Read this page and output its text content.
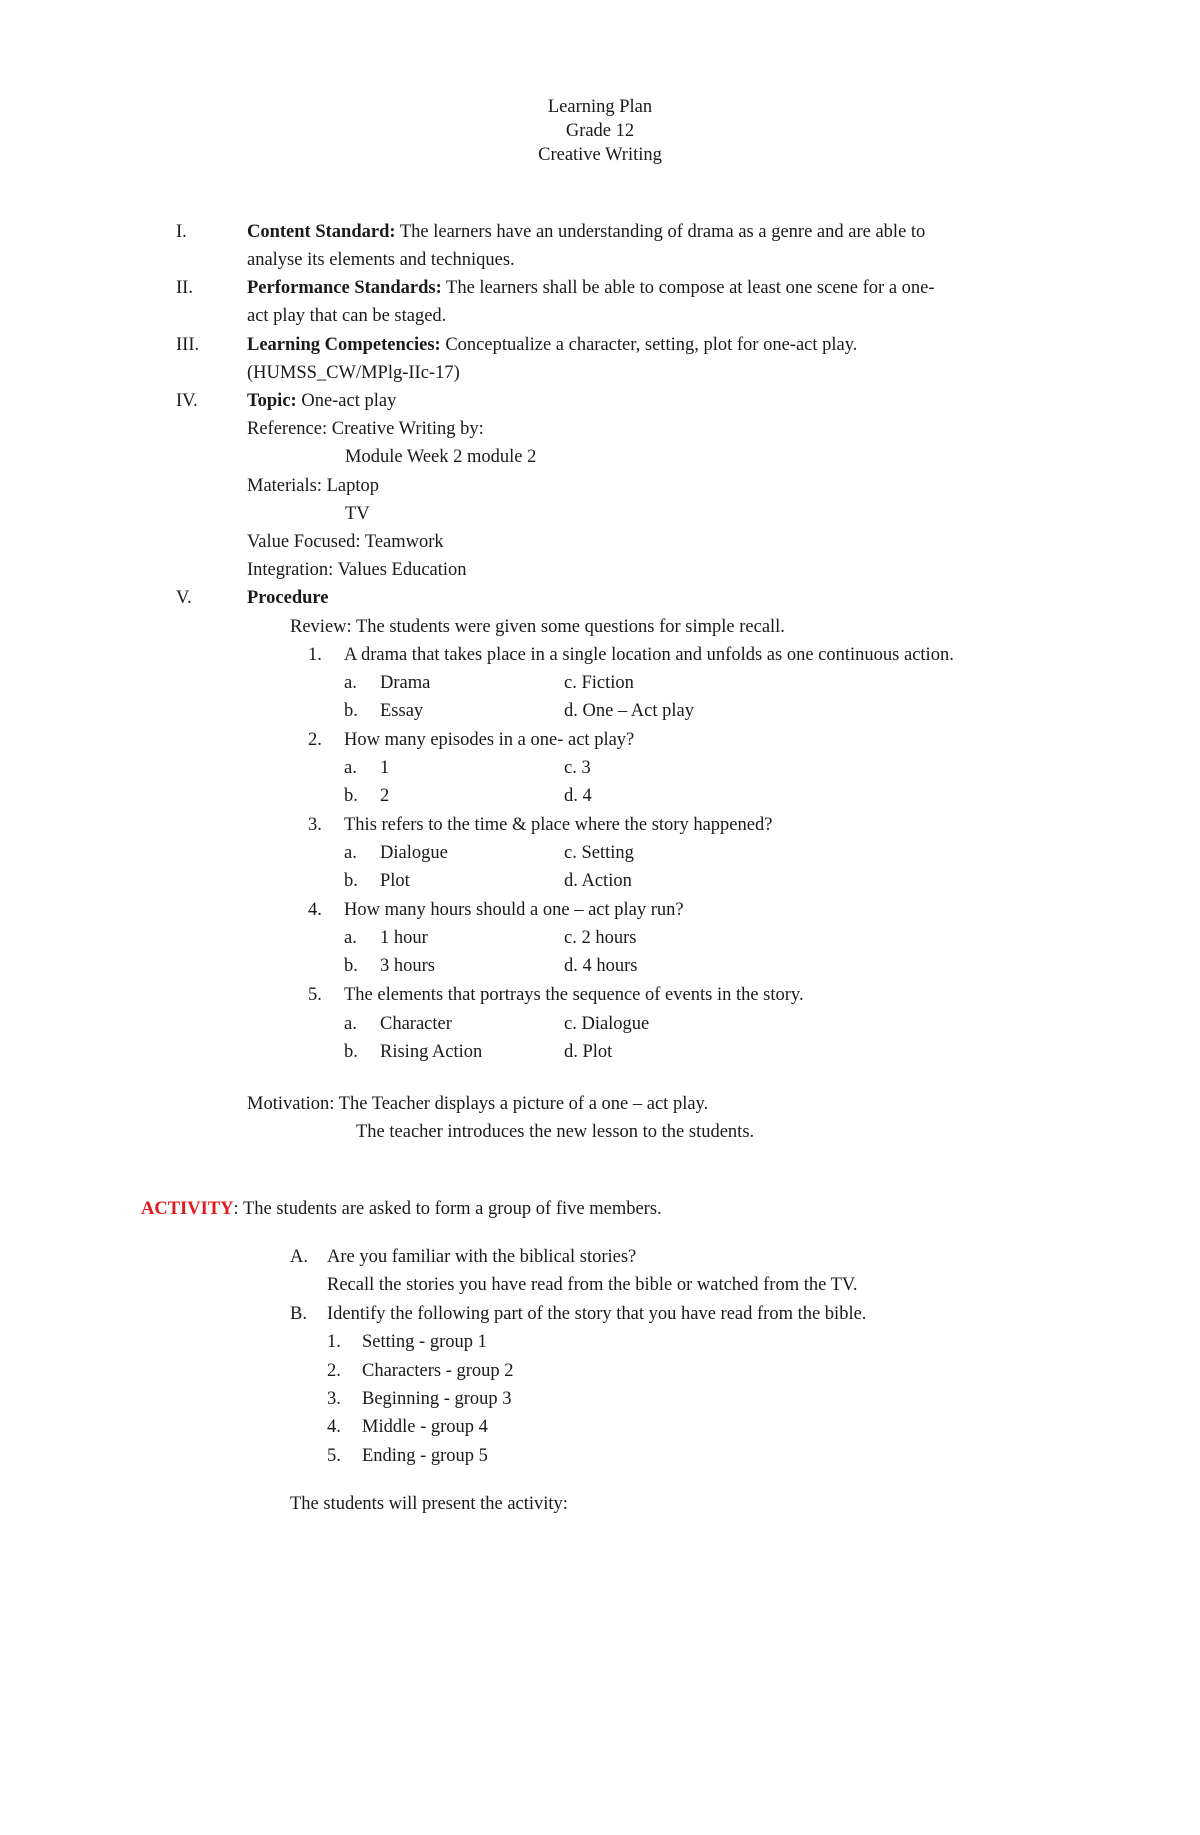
Learning Plan
Grade 12
Creative Writing
I.	Content Standard: The learners have an understanding of drama as a genre and are able to
analyse its elements and techniques.
II.	Performance Standards: The learners shall be able to compose at least one scene for a one-
act play that can be staged.
III.	Learning Competencies: Conceptualize a character, setting, plot for one-act play.
(HUMSS_CW/MPlg-IIc-17)
IV.	Topic: One-act play
Reference: Creative Writing by:
Module Week 2 module 2
Materials: Laptop
TV
Value Focused: Teamwork
Integration: Values Education
V.	Procedure
Review: The students were given some questions for simple recall.
1. A drama that takes place in a single location and unfolds as one continuous action.
a. Drama	c. Fiction
b. Essay	d. One – Act play
2. How many episodes in a one- act play?
a. 1	c. 3
b. 2	d. 4
3. This refers to the time & place where the story happened?
a. Dialogue	c. Setting
b. Plot	d. Action
4. How many hours should a one – act play run?
a. 1 hour	c. 2 hours
b. 3 hours	d. 4 hours
5. The elements that portrays the sequence of events in the story.
a. Character	c. Dialogue
b. Rising Action	d. Plot
Motivation: The Teacher displays a picture of a one – act play.
The teacher introduces the new lesson to the students.
ACTIVITY: The students are asked to form a group of five members.
A. Are you familiar with the biblical stories?
Recall the stories you have read from the bible or watched from the TV.
B. Identify the following part of the story that you have read from the bible.
1. Setting - group 1
2. Characters - group 2
3. Beginning - group 3
4. Middle - group 4
5. Ending - group 5
The students will present the activity:
